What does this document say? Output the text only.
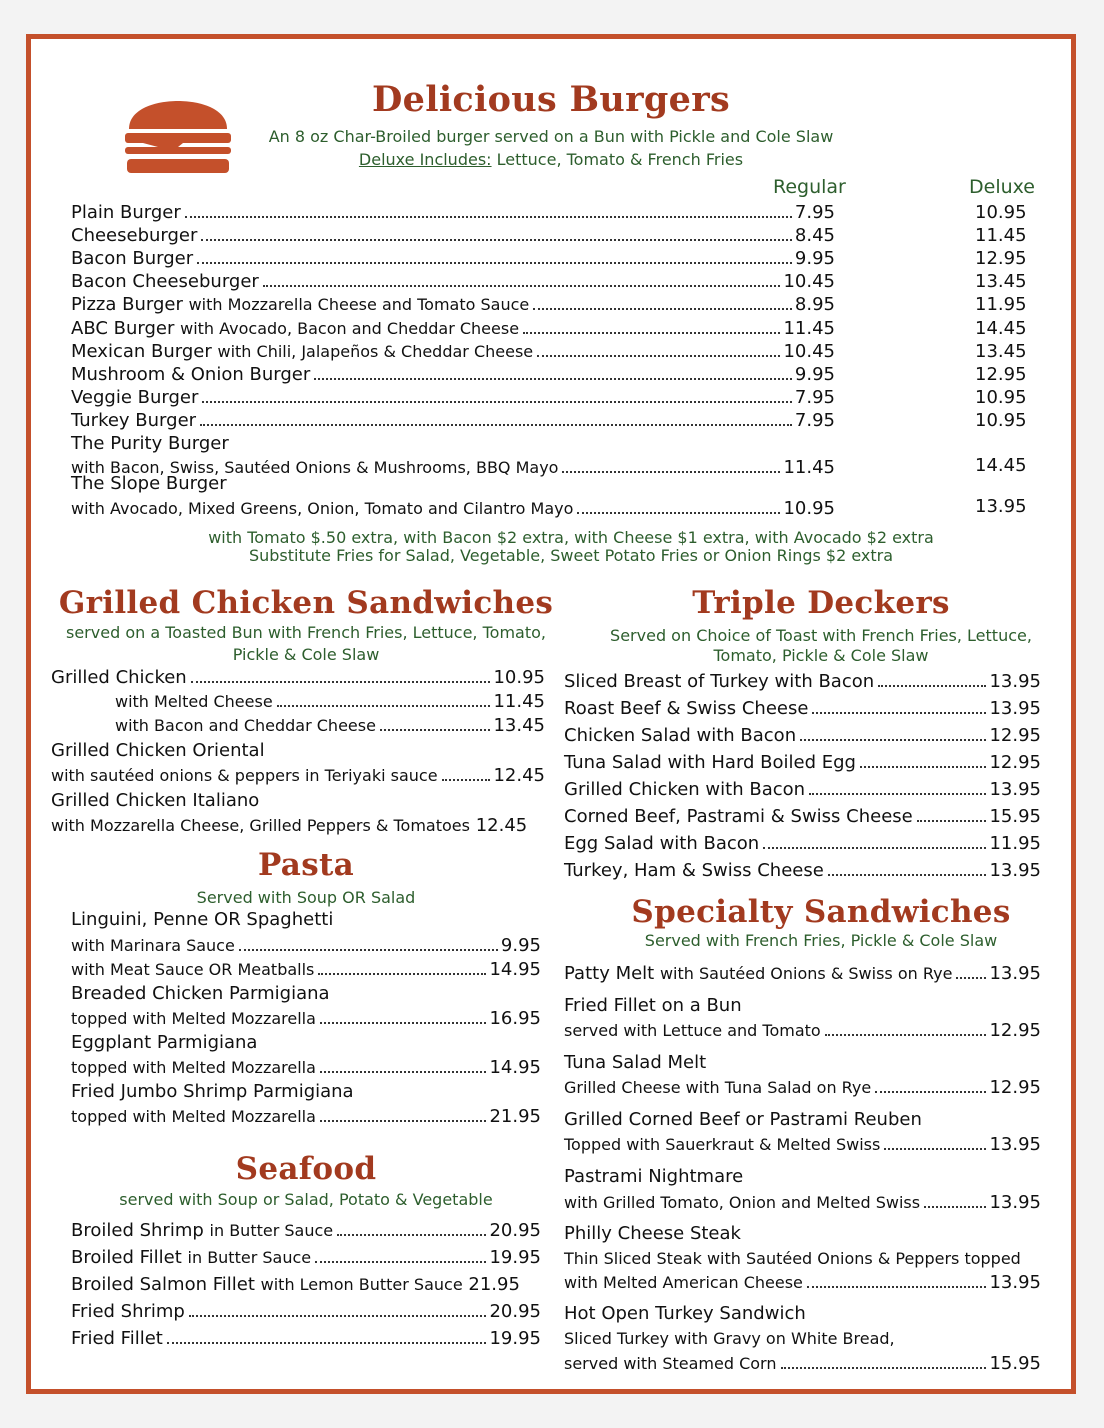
Delicious Burgers
An 8 oz Char-Broiled burger served on a Bun with Pickle and Cole Slaw
Deluxe Includes: Lettuce, Tomato & French Fries
Regular	Deluxe
Plain Burger	7.95	10.95
Cheeseburger	8.45	11.45
Bacon Burger	9.95	12.95
Bacon Cheeseburger	10.45	13.45
Pizza Burger
with Mozzarella Cheese and Tomato Sauce	8.95	11.95
ABC Burger
with Avocado, Bacon and Cheddar Cheese	11.45	14.45
Mexican Burger
with Chili, Jalapeños & Cheddar Cheese	10.45	13.45
Mushroom & Onion Burger	9.95	12.95
Veggie Burger	7.95	10.95
Turkey Burger	7.95	10.95
The Purity Burger
with Bacon, Swiss, Sautéed Onions & Mushrooms, BBQ Mayo	11.45	14.45
The Slope Burger
with Avocado, Mixed Greens, Onion, Tomato and Cilantro Mayo	10.95	13.95
with Tomato $.50 extra, with Bacon $2 extra, with Cheese $1 extra, with Avocado $2 extra
Substitute Fries for Salad, Vegetable, Sweet Potato Fries or Onion Rings $2 extra
Grilled Chicken Sandwiches
served on a Toasted Bun with French Fries, Lettuce, Tomato,
Pickle & Cole Slaw
Grilled Chicken	10.95
with Melted Cheese	11.45
with Bacon and Cheddar Cheese	13.45
Grilled Chicken Oriental
with sautéed onions & peppers in Teriyaki sauce	12.45
Grilled Chicken Italiano
with Mozzarella Cheese, Grilled Peppers & Tomatoes
12.45
Pasta
Served with Soup OR Salad
Linguini, Penne OR Spaghetti
with Marinara Sauce	9.95
with Meat Sauce OR Meatballs	14.95
Breaded Chicken Parmigiana
topped with Melted Mozzarella	16.95
Eggplant Parmigiana
topped with Melted Mozzarella	14.95
Fried Jumbo Shrimp Parmigiana
topped with Melted Mozzarella	21.95
Seafood
served with Soup or Salad, Potato & Vegetable
Broiled Shrimp
in Butter Sauce	20.95
Broiled Fillet
in Butter Sauce	19.95
Broiled Salmon Fillet
with Lemon Butter Sauce
21.95
Fried Shrimp	20.95
Fried Fillet	19.95
Triple Deckers
Served on Choice of Toast with French Fries, Lettuce,
Tomato, Pickle & Cole Slaw
Sliced Breast of Turkey with Bacon	13.95
Roast Beef & Swiss Cheese	13.95
Chicken Salad with Bacon	12.95
Tuna Salad with Hard Boiled Egg	12.95
Grilled Chicken with Bacon	13.95
Corned Beef, Pastrami & Swiss Cheese	15.95
Egg Salad with Bacon	11.95
Turkey, Ham & Swiss Cheese	13.95
Specialty Sandwiches
Served with French Fries, Pickle & Cole Slaw
Patty Melt
with Sautéed Onions & Swiss on Rye 13.95
Fried Fillet on a Bun
served with Lettuce and Tomato	12.95
Tuna Salad Melt
Grilled Cheese with Tuna Salad on Rye	12.95
Grilled Corned Beef or Pastrami Reuben
Topped with Sauerkraut & Melted Swiss	13.95
Pastrami Nightmare
with Grilled Tomato, Onion and Melted Swiss	13.95
Philly Cheese Steak
Thin Sliced Steak with Sautéed Onions & Peppers topped
with Melted American Cheese	13.95
Hot Open Turkey Sandwich
Sliced Turkey with Gravy on White Bread,
served with Steamed Corn	15.95
